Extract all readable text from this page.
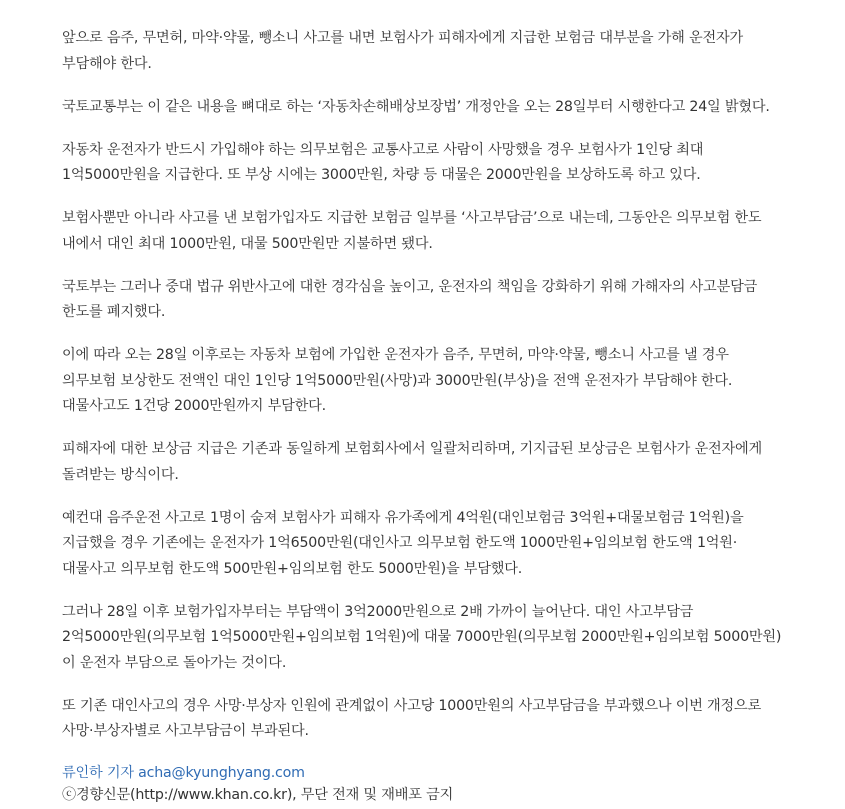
앞으로 음주, 무면허, 마약·약물, 뺑소니 사고를 내면 보험사가 피해자에게 지급한 보험금 대부분을 가해 운전자가 부담해야 한다.

국토교통부는 이 같은 내용을 뼈대로 하는 ‘자동차손해배상보장법’ 개정안을 오는 28일부터 시행한다고 24일 밝혔다.

자동차 운전자가 반드시 가입해야 하는 의무보험은 교통사고로 사람이 사망했을 경우 보험사가 1인당 최대 1억5000만원을 지급한다. 또 부상 시에는 3000만원, 차량 등 대물은 2000만원을 보상하도록 하고 있다.

보험사뿐만 아니라 사고를 낸 보험가입자도 지급한 보험금 일부를 ‘사고부담금’으로 내는데, 그동안은 의무보험 한도 내에서 대인 최대 1000만원, 대물 500만원만 지불하면 됐다.

국토부는 그러나 중대 법규 위반사고에 대한 경각심을 높이고, 운전자의 책임을 강화하기 위해 가해자의 사고분담금 한도를 폐지했다.

이에 따라 오는 28일 이후로는 자동차 보험에 가입한 운전자가 음주, 무면허, 마약·약물, 뺑소니 사고를 낼 경우 의무보험 보상한도 전액인 대인 1인당 1억5000만원(사망)과 3000만원(부상)을 전액 운전자가 부담해야 한다. 대물사고도 1건당 2000만원까지 부담한다.

피해자에 대한 보상금 지급은 기존과 동일하게 보험회사에서 일괄처리하며, 기지급된 보상금은 보험사가 운전자에게 돌려받는 방식이다.

예컨대 음주운전 사고로 1명이 숨져 보험사가 피해자 유가족에게 4억원(대인보험금 3억원+대물보험금 1억원)을 지급했을 경우 기존에는 운전자가 1억6500만원(대인사고 의무보험 한도액 1000만원+임의보험 한도액 1억원·대물사고 의무보험 한도액 500만원+임의보험 한도 5000만원)을 부담했다.

그러나 28일 이후 보험가입자부터는 부담액이 3억2000만원으로 2배 가까이 늘어난다. 대인 사고부담금 2억5000만원(의무보험 1억5000만원+임의보험 1억원)에 대물 7000만원(의무보험 2000만원+임의보험 5000만원)이 운전자 부담으로 돌아가는 것이다.

또 기존 대인사고의 경우 사망·부상자 인원에 관계없이 사고당 1000만원의 사고부담금을 부과했으나 이번 개정으로 사망·부상자별로 사고부담금이 부과된다.

류인하 기자 acha@kyunghyang.com
ⓒ경향신문(http://www.khan.co.kr), 무단 전재 및 재배포 금지
